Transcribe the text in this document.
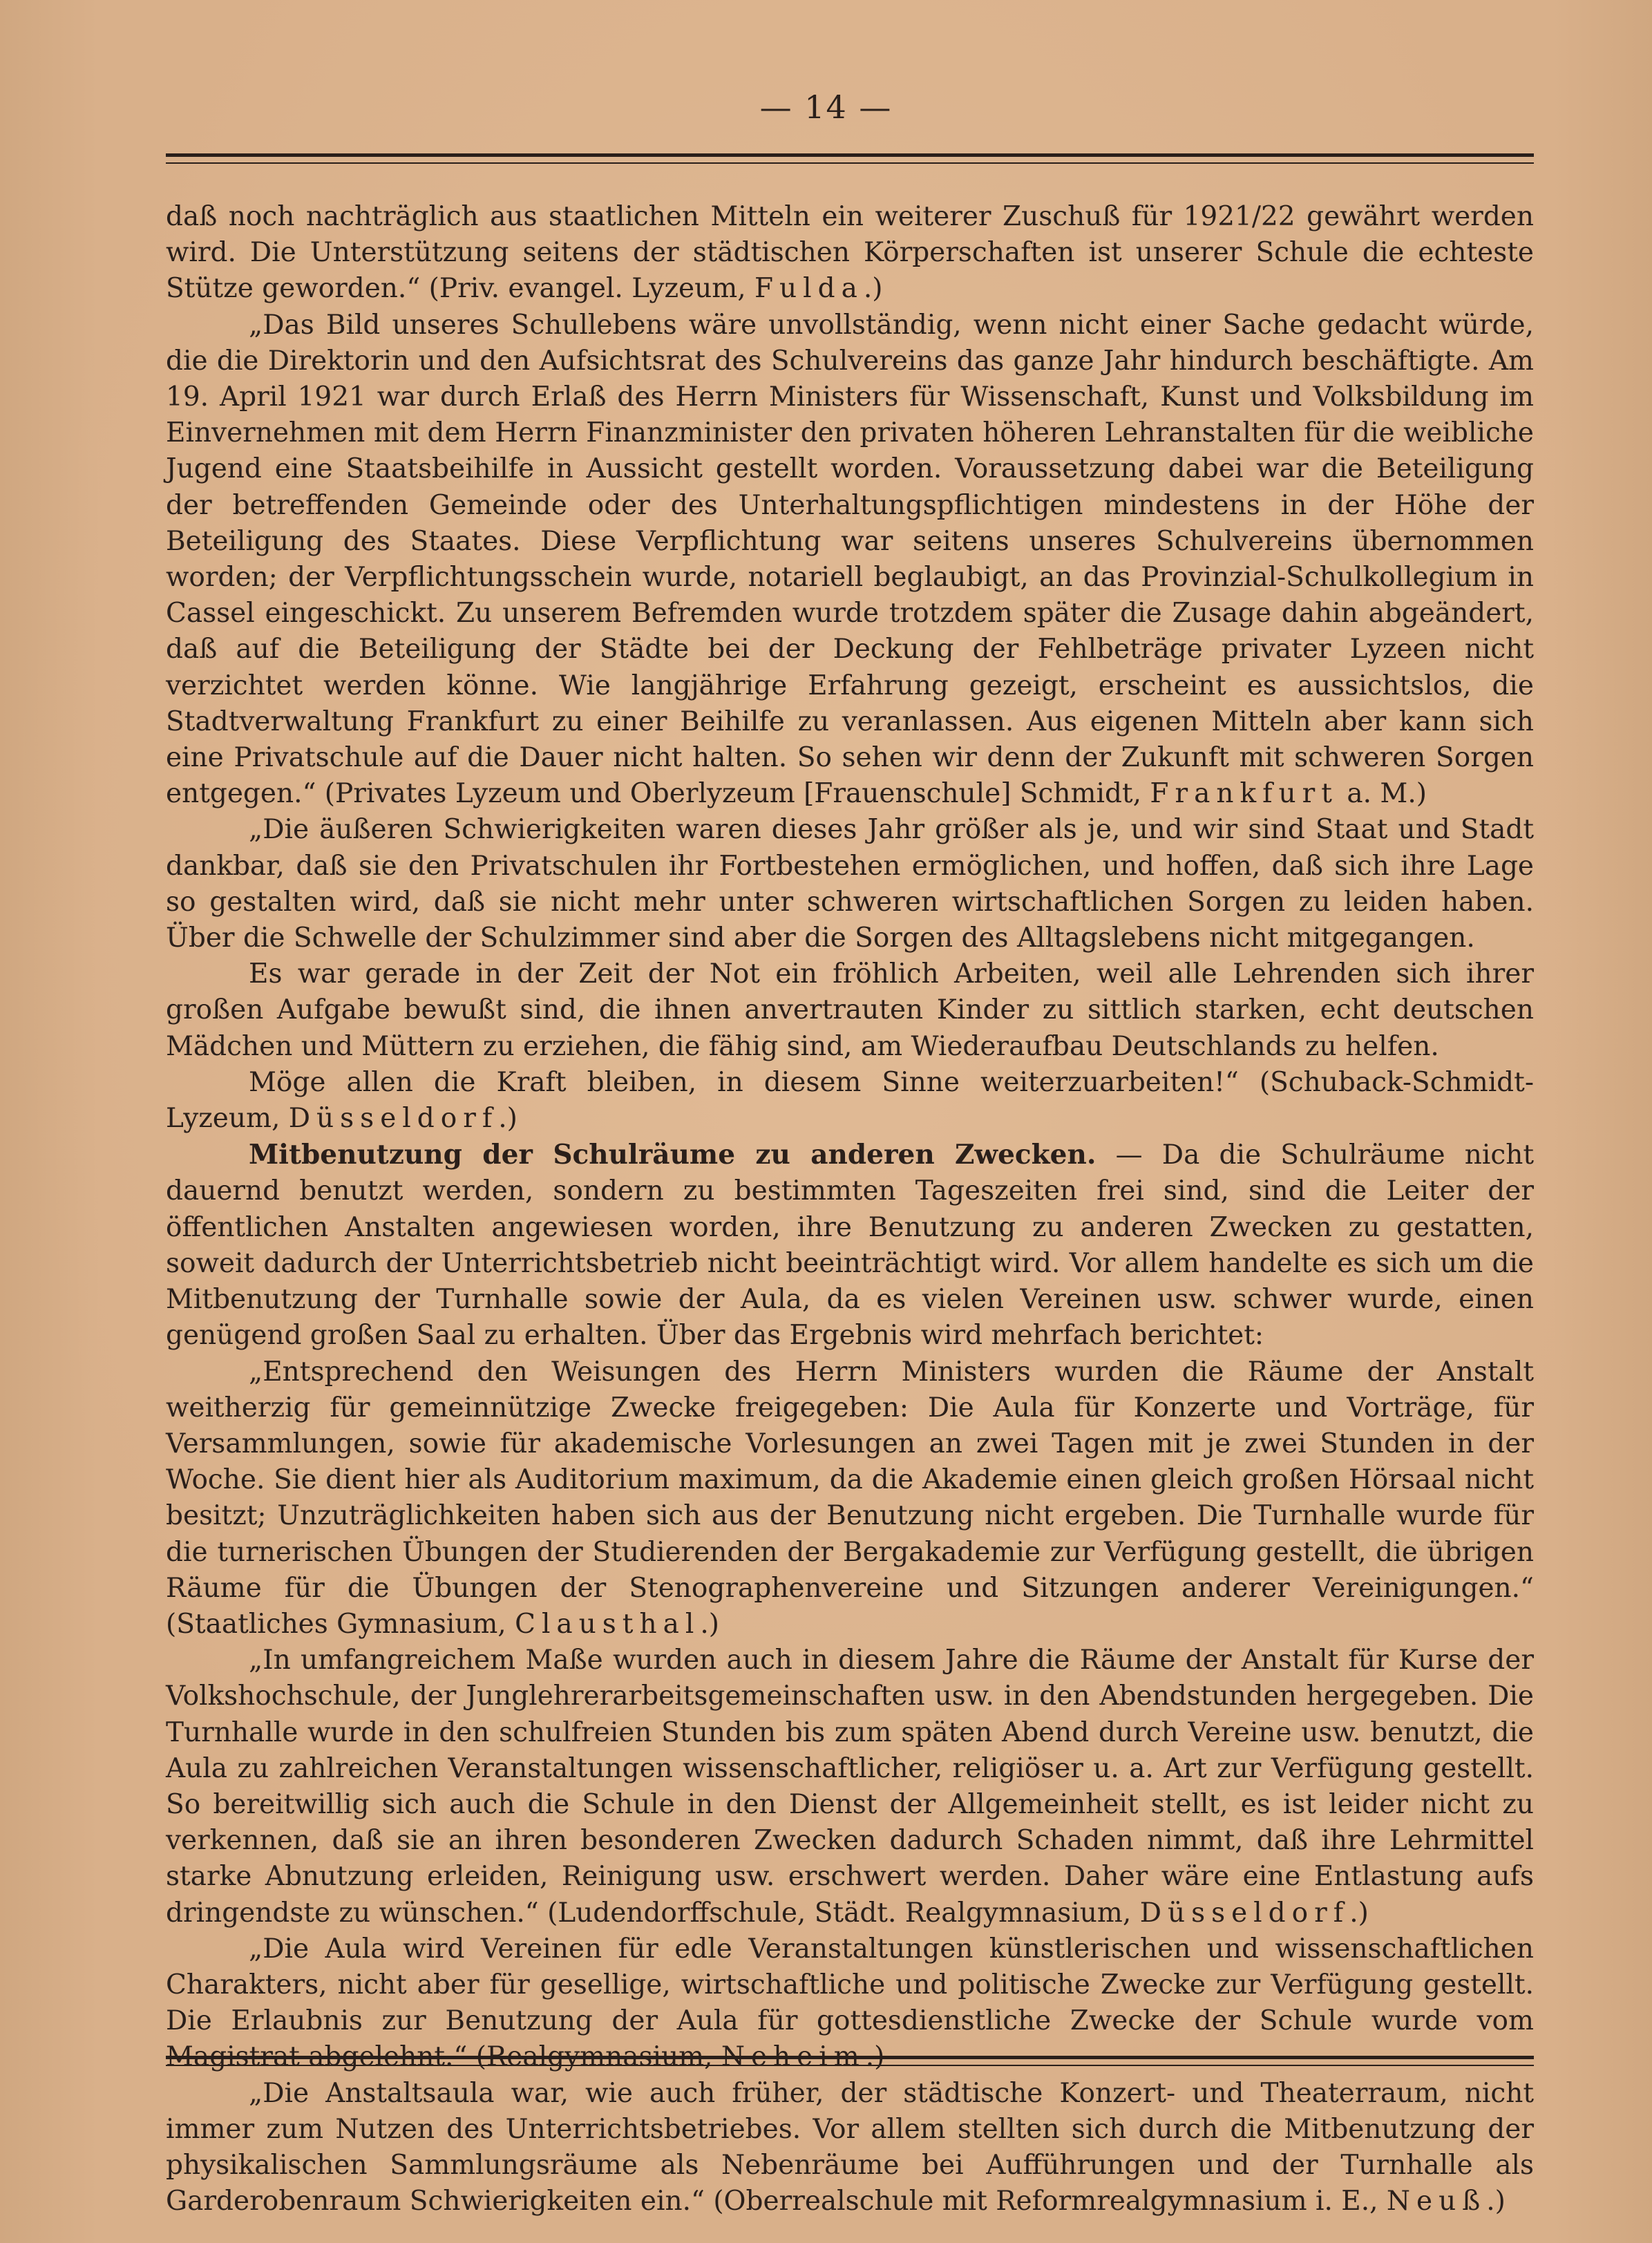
— 14 —

daß noch nachträglich aus staatlichen Mitteln ein weiterer Zuschuß für 1921/22 gewährt werden wird. Die Unterstützung seitens der städtischen Körperschaften ist unserer Schule die echteste Stütze geworden.“ (Priv. evangel. Lyzeum, Fulda.)

„Das Bild unseres Schullebens wäre unvollständig, wenn nicht einer Sache gedacht würde, die die Direktorin und den Aufsichtsrat des Schulvereins das ganze Jahr hindurch beschäftigte. Am 19. April 1921 war durch Erlaß des Herrn Ministers für Wissenschaft, Kunst und Volksbildung im Einvernehmen mit dem Herrn Finanzminister den privaten höheren Lehranstalten für die weibliche Jugend eine Staatsbeihilfe in Aussicht gestellt worden. Voraussetzung dabei war die Beteiligung der betreffenden Gemeinde oder des Unterhaltungspflichtigen mindestens in der Höhe der Beteiligung des Staates. Diese Verpflichtung war seitens unseres Schulvereins übernommen worden; der Verpflichtungsschein wurde, notariell beglaubigt, an das Provinzial-Schulkollegium in Cassel eingeschickt. Zu unserem Befremden wurde trotzdem später die Zusage dahin abgeändert, daß auf die Beteiligung der Städte bei der Deckung der Fehlbeträge privater Lyzeen nicht verzichtet werden könne. Wie langjährige Erfahrung gezeigt, erscheint es aussichtslos, die Stadtverwaltung Frankfurt zu einer Beihilfe zu veranlassen. Aus eigenen Mitteln aber kann sich eine Privatschule auf die Dauer nicht halten. So sehen wir denn der Zukunft mit schweren Sorgen entgegen.“ (Privates Lyzeum und Oberlyzeum [Frauenschule] Schmidt, Frankfurt a. M.)

„Die äußeren Schwierigkeiten waren dieses Jahr größer als je, und wir sind Staat und Stadt dankbar, daß sie den Privatschulen ihr Fortbestehen ermöglichen, und hoffen, daß sich ihre Lage so gestalten wird, daß sie nicht mehr unter schweren wirtschaftlichen Sorgen zu leiden haben. Über die Schwelle der Schulzimmer sind aber die Sorgen des Alltagslebens nicht mitgegangen.

Es war gerade in der Zeit der Not ein fröhlich Arbeiten, weil alle Lehrenden sich ihrer großen Aufgabe bewußt sind, die ihnen anvertrauten Kinder zu sittlich starken, echt deutschen Mädchen und Müttern zu erziehen, die fähig sind, am Wiederaufbau Deutschlands zu helfen.

Möge allen die Kraft bleiben, in diesem Sinne weiterzuarbeiten!“ (Schuback-Schmidt-Lyzeum, Düsseldorf.)

Mitbenutzung der Schulräume zu anderen Zwecken. — Da die Schulräume nicht dauernd benutzt werden, sondern zu bestimmten Tageszeiten frei sind, sind die Leiter der öffentlichen Anstalten angewiesen worden, ihre Benutzung zu anderen Zwecken zu gestatten, soweit dadurch der Unterrichtsbetrieb nicht beeinträchtigt wird. Vor allem handelte es sich um die Mitbenutzung der Turnhalle sowie der Aula, da es vielen Vereinen usw. schwer wurde, einen genügend großen Saal zu erhalten. Über das Ergebnis wird mehrfach berichtet:

„Entsprechend den Weisungen des Herrn Ministers wurden die Räume der Anstalt weitherzig für gemeinnützige Zwecke freigegeben: Die Aula für Konzerte und Vorträge, für Versammlungen, sowie für akademische Vorlesungen an zwei Tagen mit je zwei Stunden in der Woche. Sie dient hier als Auditorium maximum, da die Akademie einen gleich großen Hörsaal nicht besitzt; Unzuträglichkeiten haben sich aus der Benutzung nicht ergeben. Die Turnhalle wurde für die turnerischen Übungen der Studierenden der Bergakademie zur Verfügung gestellt, die übrigen Räume für die Übungen der Stenographenvereine und Sitzungen anderer Vereinigungen.“ (Staatliches Gymnasium, Clausthal.)

„In umfangreichem Maße wurden auch in diesem Jahre die Räume der Anstalt für Kurse der Volkshochschule, der Junglehrerarbeitsgemeinschaften usw. in den Abendstunden hergegeben. Die Turnhalle wurde in den schulfreien Stunden bis zum späten Abend durch Vereine usw. benutzt, die Aula zu zahlreichen Veranstaltungen wissenschaftlicher, religiöser u. a. Art zur Verfügung gestellt. So bereitwillig sich auch die Schule in den Dienst der Allgemeinheit stellt, es ist leider nicht zu verkennen, daß sie an ihren besonderen Zwecken dadurch Schaden nimmt, daß ihre Lehrmittel starke Abnutzung erleiden, Reinigung usw. erschwert werden. Daher wäre eine Entlastung aufs dringendste zu wünschen.“ (Ludendorffschule, Städt. Realgymnasium, Düsseldorf.)

„Die Aula wird Vereinen für edle Veranstaltungen künstlerischen und wissenschaftlichen Charakters, nicht aber für gesellige, wirtschaftliche und politische Zwecke zur Verfügung gestellt. Die Erlaubnis zur Benutzung der Aula für gottesdienstliche Zwecke der Schule wurde vom Magistrat abgelehnt.“ (Realgymnasium, Neheim.)

„Die Anstaltsaula war, wie auch früher, der städtische Konzert- und Theaterraum, nicht immer zum Nutzen des Unterrichtsbetriebes. Vor allem stellten sich durch die Mitbenutzung der physikalischen Sammlungsräume als Nebenräume bei Aufführungen und der Turnhalle als Garderobenraum Schwierigkeiten ein.“ (Oberrealschule mit Reformrealgymnasium i. E., Neuß.)
